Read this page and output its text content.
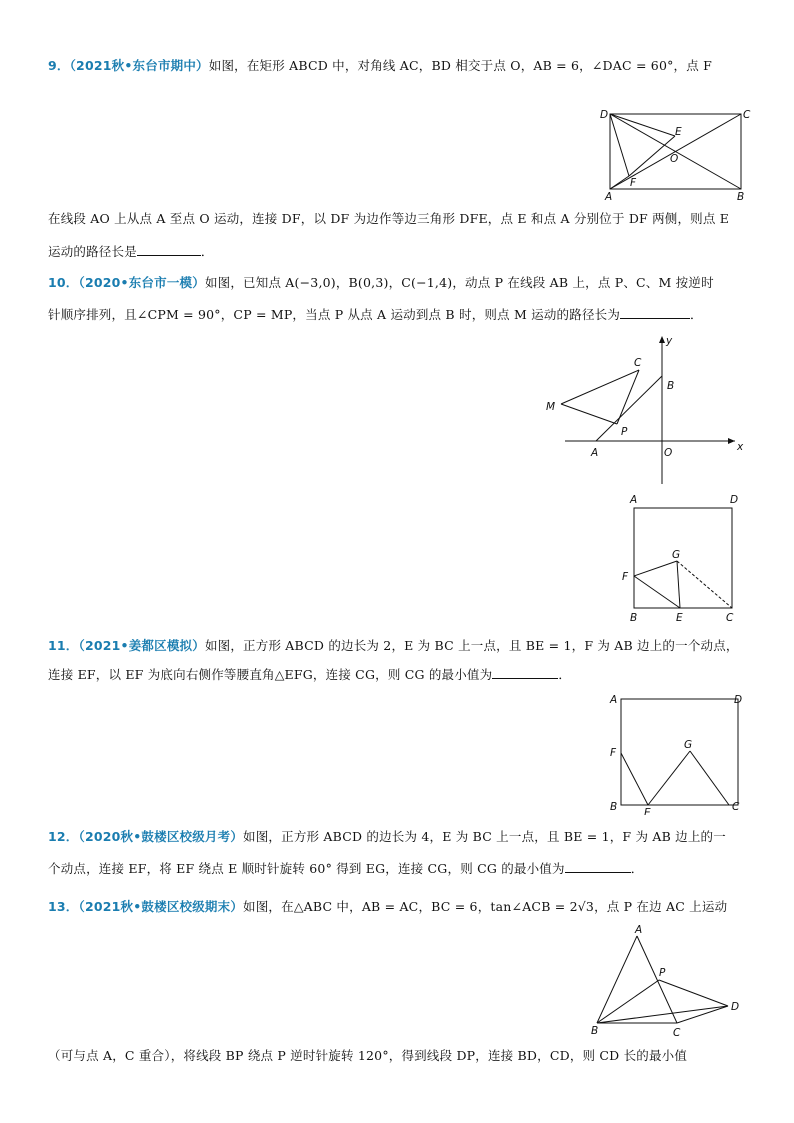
9．（2021秋•东台市期中）如图，在矩形 ABCD 中，对角线 AC，BD 相交于点 O，AB = 6，∠DAC = 60°，点 F
D	C
A	B
E
O
F
在线段 AO 上从点 A 至点 O 运动，连接 DF，以 DF 为边作等边三角形 DFE，点 E 和点 A 分别位于 DF 两侧，则点 E
运动的路径长是	．
10．（2020•东台市一模）如图，已知点 A(−3,0)，B(0,3)，C(−1,4)，动点 P 在线段 AB 上，点 P、C、M 按逆时
针顺序排列，且∠CPM = 90°，CP = MP，当点 P 从点 A 运动到点 B 时，则点 M 运动的路径长为	．
x
y
C
B
M
P
A	O
A	D
F
G
B	E	C
11．（2021•姜都区模拟）如图，正方形 ABCD 的边长为 2，E 为 BC 上一点，且 BE = 1，F 为 AB 边上的一个动点，
连接 EF，以 EF 为底向右侧作等腰直角△EFG，连接 CG，则 CG 的最小值为	．
A	D
F
G
B	E	C
12．（2020秋•鼓楼区校级月考）如图，正方形 ABCD 的边长为 4，E 为 BC 上一点，且 BE = 1，F 为 AB 边上的一
个动点，连接 EF，将 EF 绕点 E 顺时针旋转 60° 得到 EG，连接 CG，则 CG 的最小值为	．
13．（2021秋•鼓楼区校级期末）如图，在△ABC 中，AB = AC，BC = 6，tan∠ACB = 2√3，点 P 在边 AC 上运动
A
P
D
B	C
（可与点 A，C 重合），将线段 BP 绕点 P 逆时针旋转 120°，得到线段 DP，连接 BD，CD，则 CD 长的最小值
